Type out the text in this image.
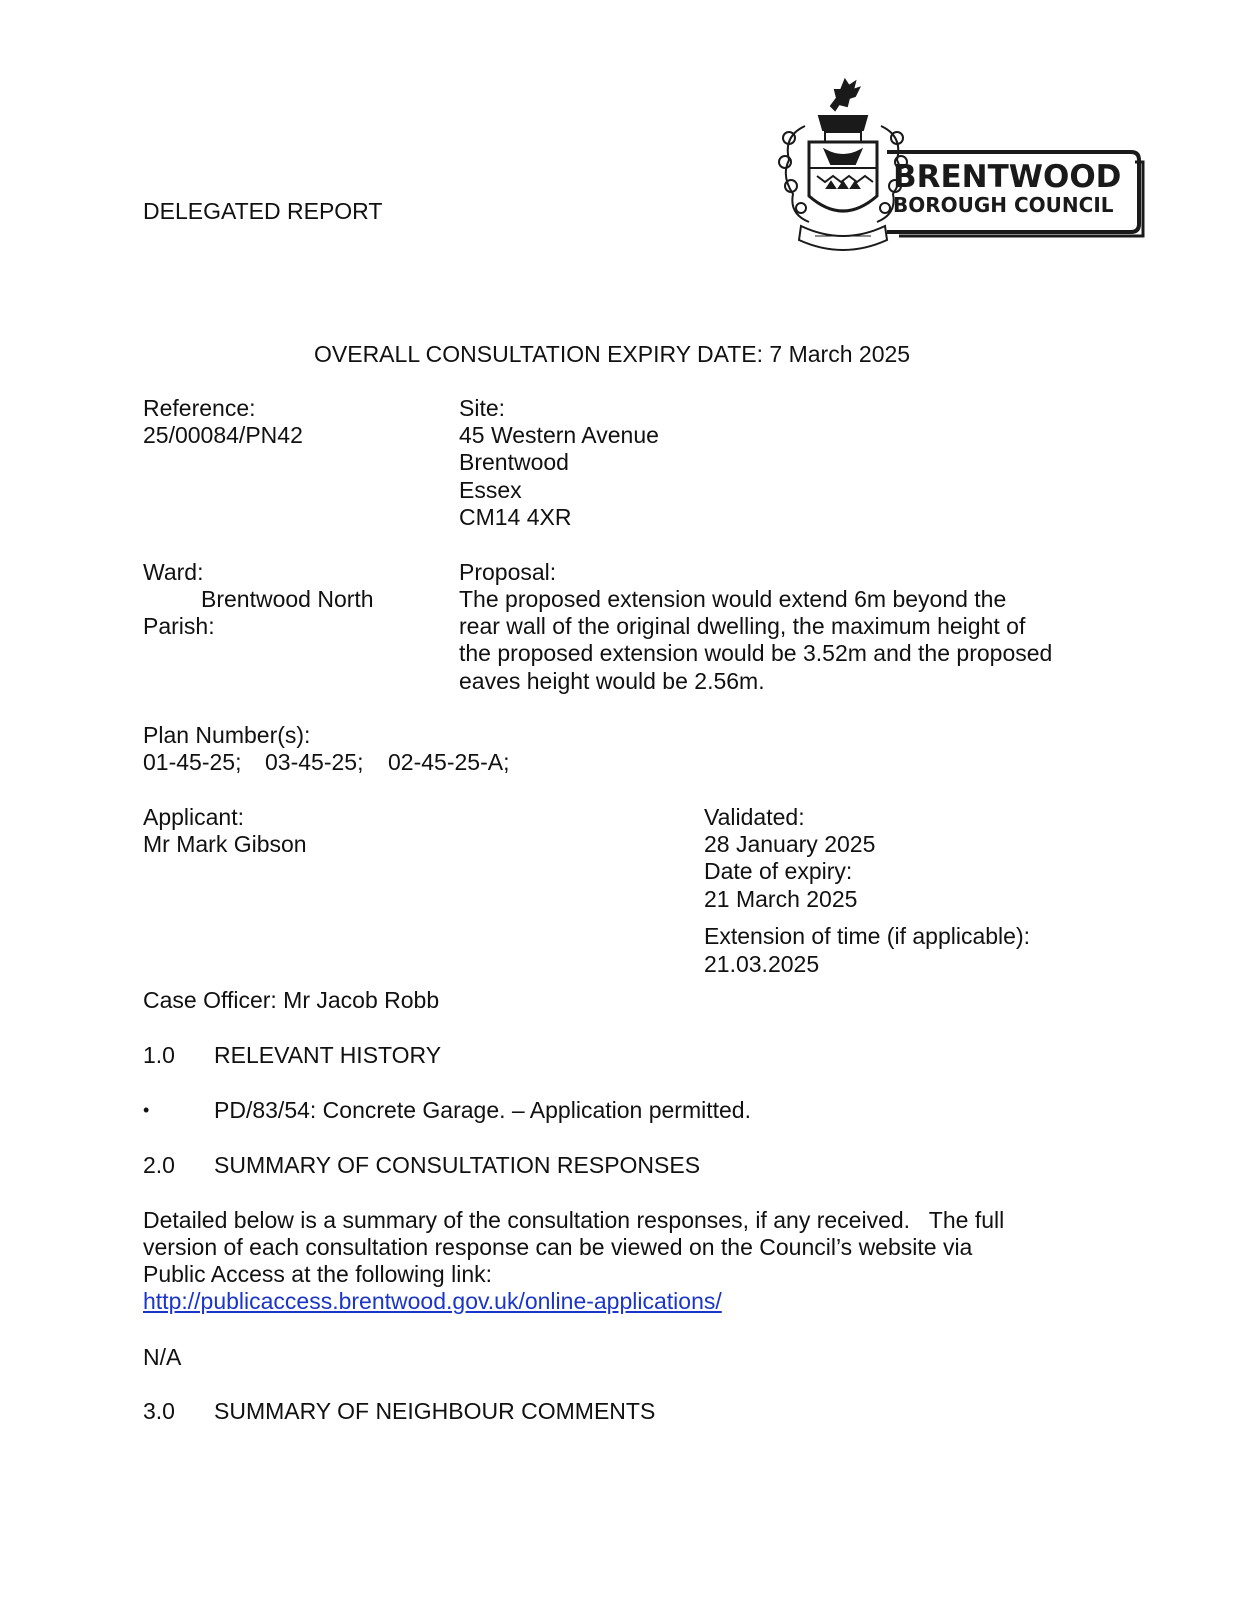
DELEGATED REPORT
BRENTWOOD
BOROUGH COUNCIL
OVERALL CONSULTATION EXPIRY DATE: 7 March 2025
Reference:
25/00084/PN42
Site:
45 Western Avenue
Brentwood
Essex
CM14 4XR
Ward:
Brentwood North
Parish:
Proposal:
The proposed extension would extend 6m beyond the
rear wall of the original dwelling, the maximum height of
the proposed extension would be 3.52m and the proposed
eaves height would be 2.56m.
Plan Number(s):
01-45-25; 03-45-25; 02-45-25-A;
Applicant:
Mr Mark Gibson
Validated:
28 January 2025
Date of expiry:
21 March 2025
Extension of time (if applicable):
21.03.2025
Case Officer: Mr Jacob Robb
1.0 RELEVANT HISTORY
•	PD/83/54: Concrete Garage. – Application permitted.
2.0 SUMMARY OF CONSULTATION RESPONSES
Detailed below is a summary of the consultation responses, if any received.   The full
version of each consultation response can be viewed on the Council’s website via
Public Access at the following link:
http://publicaccess.brentwood.gov.uk/online-applications/
N/A
3.0 SUMMARY OF NEIGHBOUR COMMENTS
